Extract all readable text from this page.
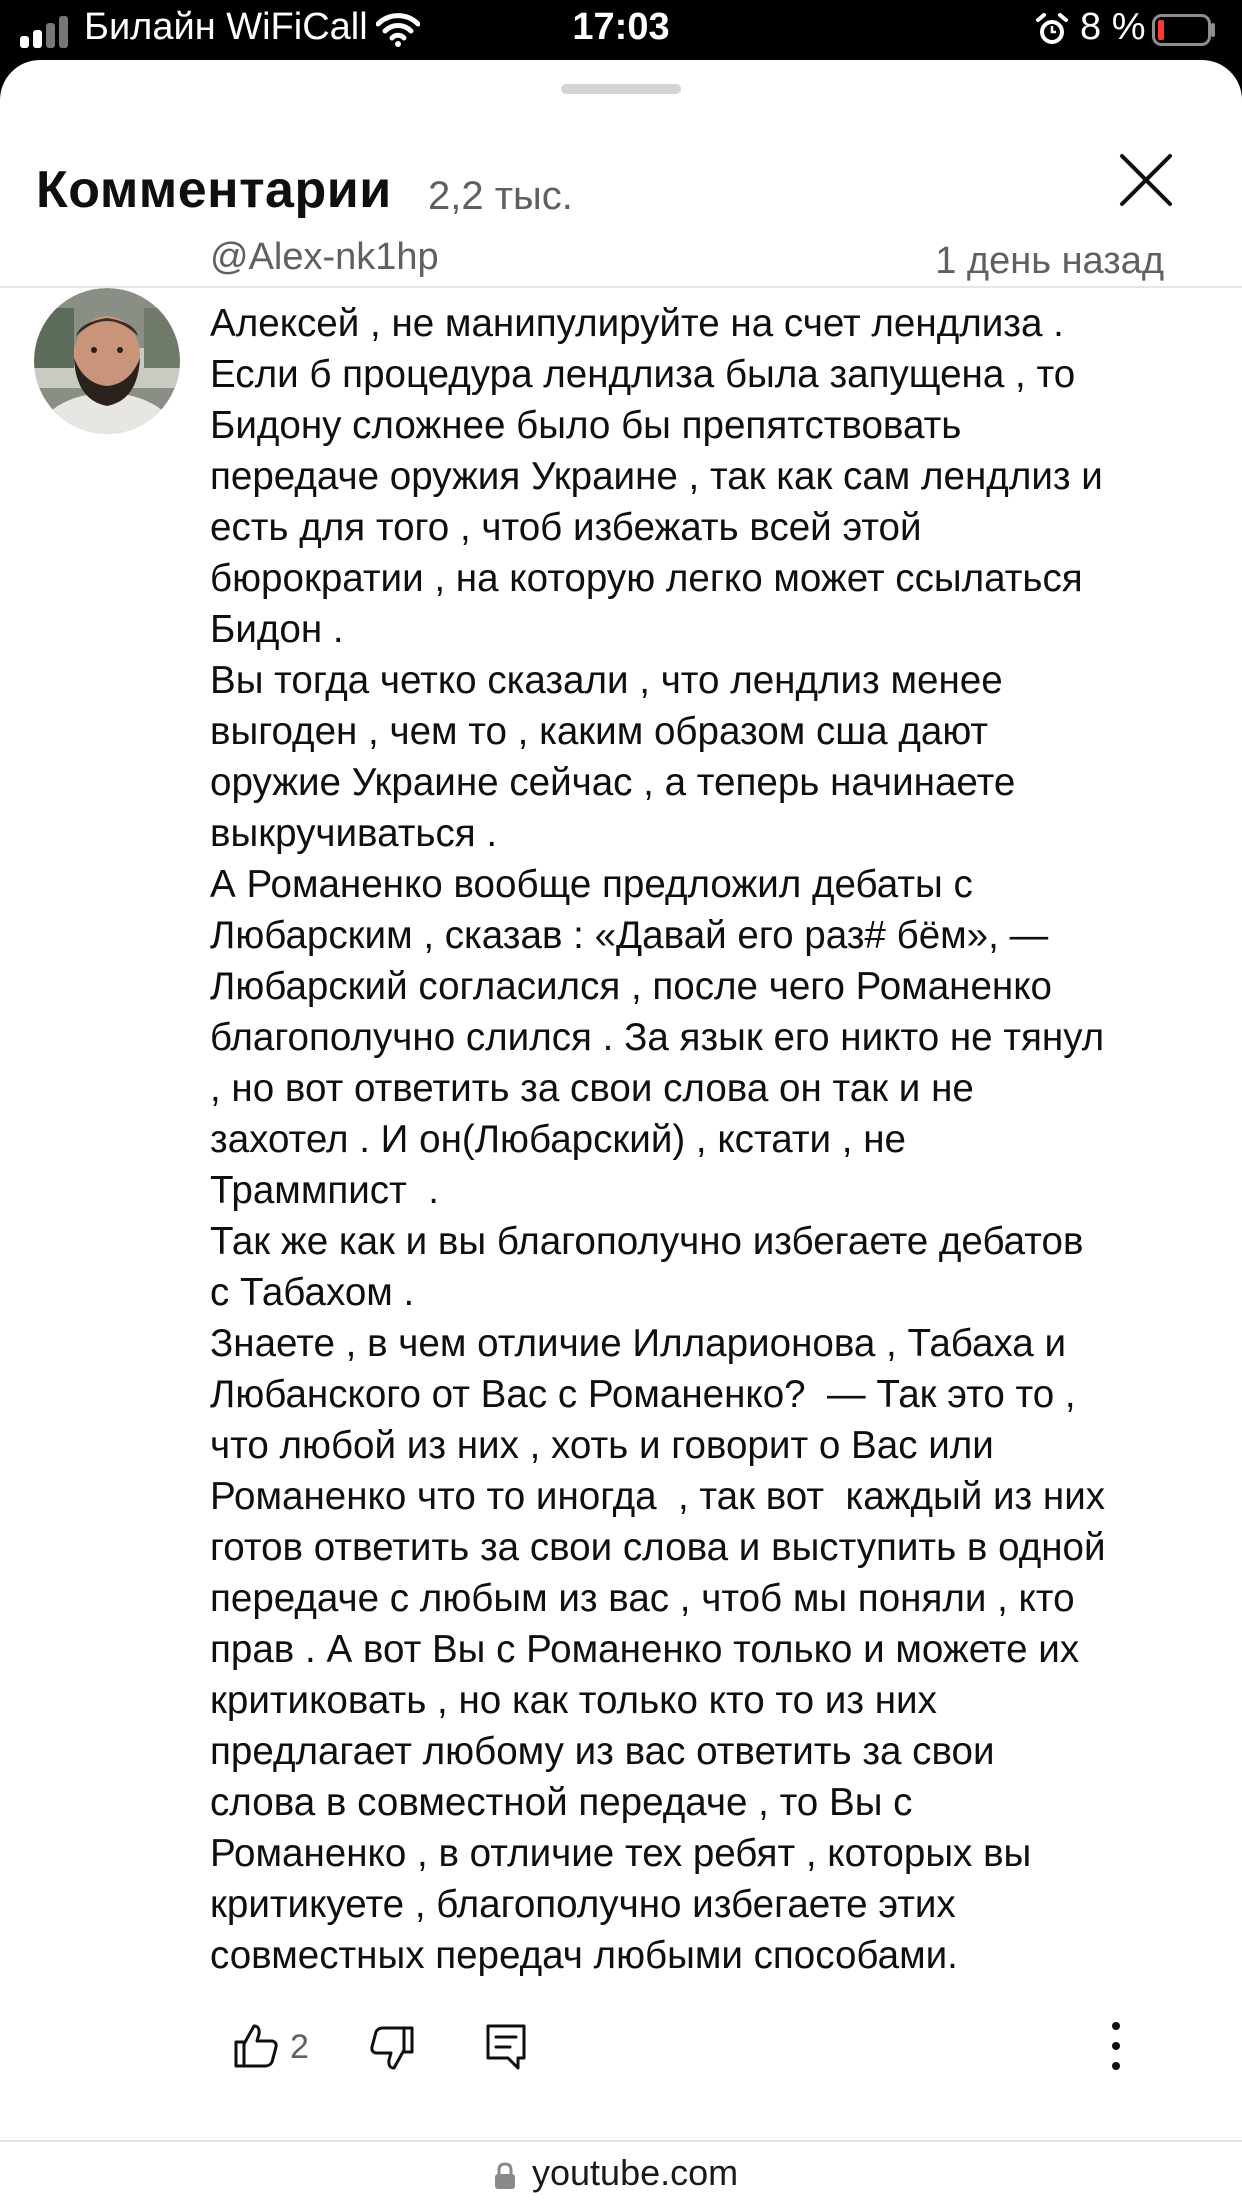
Билайн WiFiCall	17:03	8 %
Комментарии 2,2 тыс.
@Alex-nk1hp	1 день назад
Алексей , не манипулируйте на счет лендлиза .
Если б процедура лендлиза была запущена , то
Бидону сложнее было бы препятствовать
передаче оружия Украине , так как сам лендлиз и
есть для того , чтоб избежать всей этой
бюрократии , на которую легко может ссылаться
Бидон .
Вы тогда четко сказали , что лендлиз менее
выгоден , чем то , каким образом сша дают
оружие Украине сейчас , а теперь начинаете
выкручиваться .
А Романенко вообще предложил дебаты с
Любарским , сказав : «Давай его раз# бём», —
Любарский согласился , после чего Романенко
благополучно слился . За язык его никто не тянул
, но вот ответить за свои слова он так и не
захотел . И он(Любарский) , кстати , не
Траммпист  .
Так же как и вы благополучно избегаете дебатов
с Табахом .
Знаете , в чем отличие Илларионова , Табаха и
Любанского от Вас с Романенко?  — Так это то ,
что любой из них , хоть и говорит о Вас или
Романенко что то иногда  , так вот  каждый из них
готов ответить за свои слова и выступить в одной
передаче с любым из вас , чтоб мы поняли , кто
прав . А вот Вы с Романенко только и можете их
критиковать , но как только кто то из них
предлагает любому из вас ответить за свои
слова в совместной передаче , то Вы с
Романенко , в отличие тех ребят , которых вы
критикуете , благополучно избегаете этих
совместных передач любыми способами.
2
youtube.com
